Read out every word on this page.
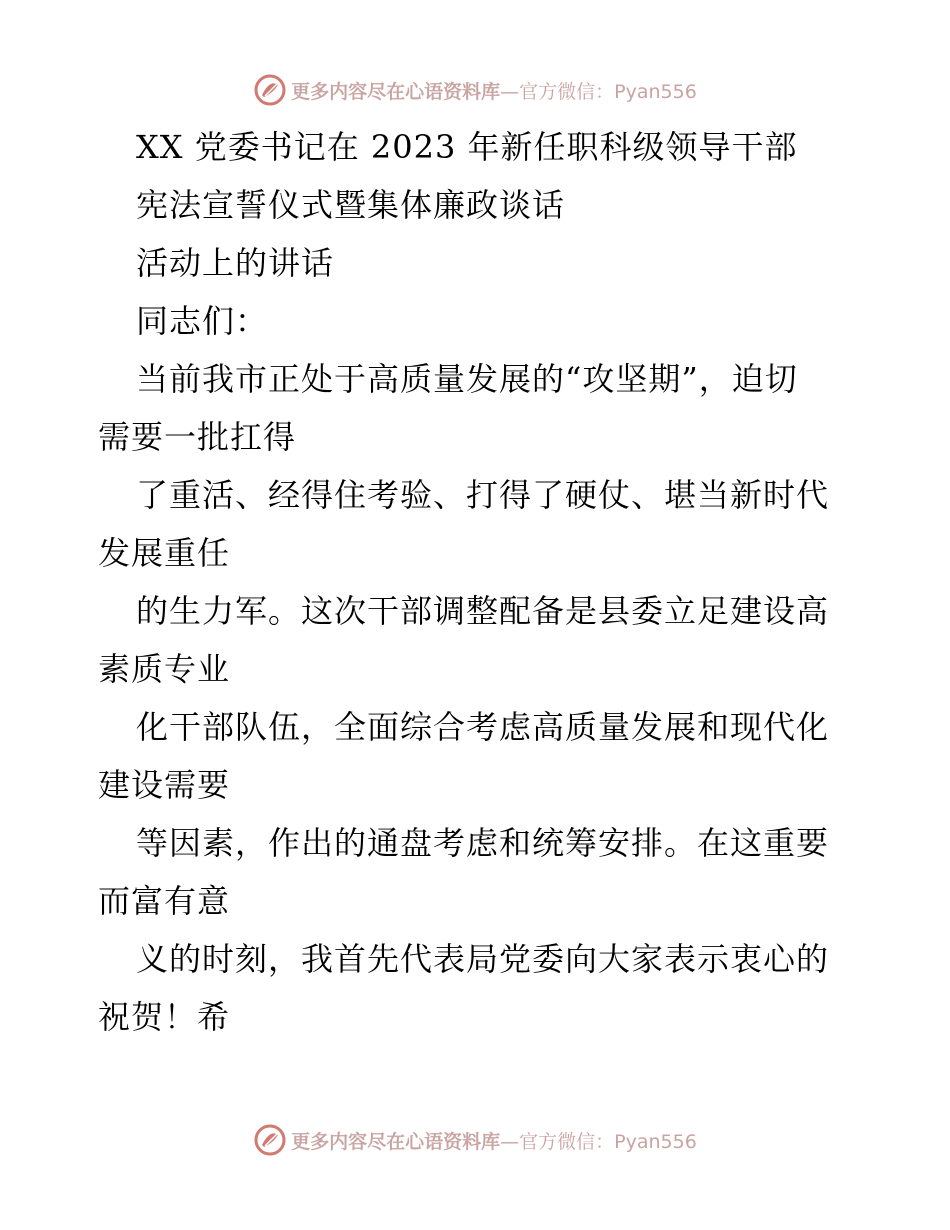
更多内容尽在心语资料库—官方微信：Pyan556
XX 党委书记在 2023 年新任职科级领导干部
宪法宣誓仪式暨集体廉政谈话
活动上的讲话
同志们：
当前我市正处于高质量发展的“攻坚期”，迫切
需要一批扛得
了重活、经得住考验、打得了硬仗、堪当新时代
发展重任
的生力军。这次干部调整配备是县委立足建设高
素质专业
化干部队伍，全面综合考虑高质量发展和现代化
建设需要
等因素，作出的通盘考虑和统筹安排。在这重要
而富有意
义的时刻，我首先代表局党委向大家表示衷心的
祝贺！希
更多内容尽在心语资料库—官方微信：Pyan556
